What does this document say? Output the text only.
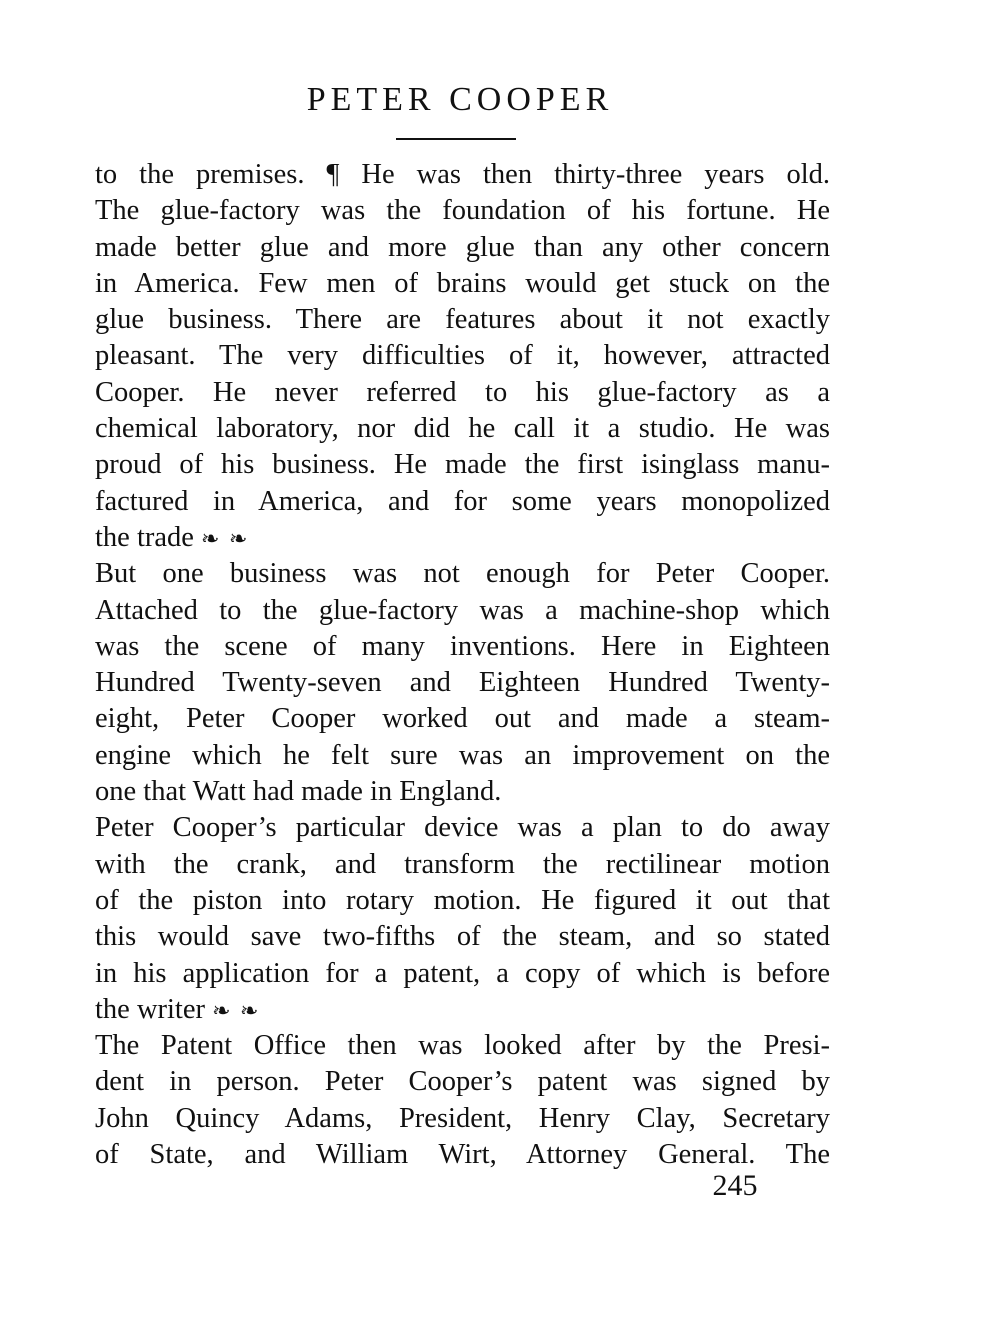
PETER COOPER
to the premises. ¶ He was then thirty-three years old.
The glue-factory was the foundation of his fortune. He
made better glue and more glue than any other concern
in America. Few men of brains would get stuck on the
glue business. There are features about it not exactly
pleasant. The very difficulties of it, however, attracted
Cooper. He never referred to his glue-factory as a
chemical laboratory, nor did he call it a studio. He was
proud of his business. He made the first isinglass manu-
factured in America, and for some years monopolized
the trade ❧ ❧
But one business was not enough for Peter Cooper.
Attached to the glue-factory was a machine-shop which
was the scene of many inventions. Here in Eighteen
Hundred Twenty-seven and Eighteen Hundred Twenty-
eight, Peter Cooper worked out and made a steam-
engine which he felt sure was an improvement on the
one that Watt had made in England.
Peter Cooper’s particular device was a plan to do away
with the crank, and transform the rectilinear motion
of the piston into rotary motion. He figured it out that
this would save two-fifths of the steam, and so stated
in his application for a patent, a copy of which is before
the writer ❧ ❧
The Patent Office then was looked after by the Presi-
dent in person. Peter Cooper’s patent was signed by
John Quincy Adams, President, Henry Clay, Secretary
of State, and William Wirt, Attorney General. The
245
